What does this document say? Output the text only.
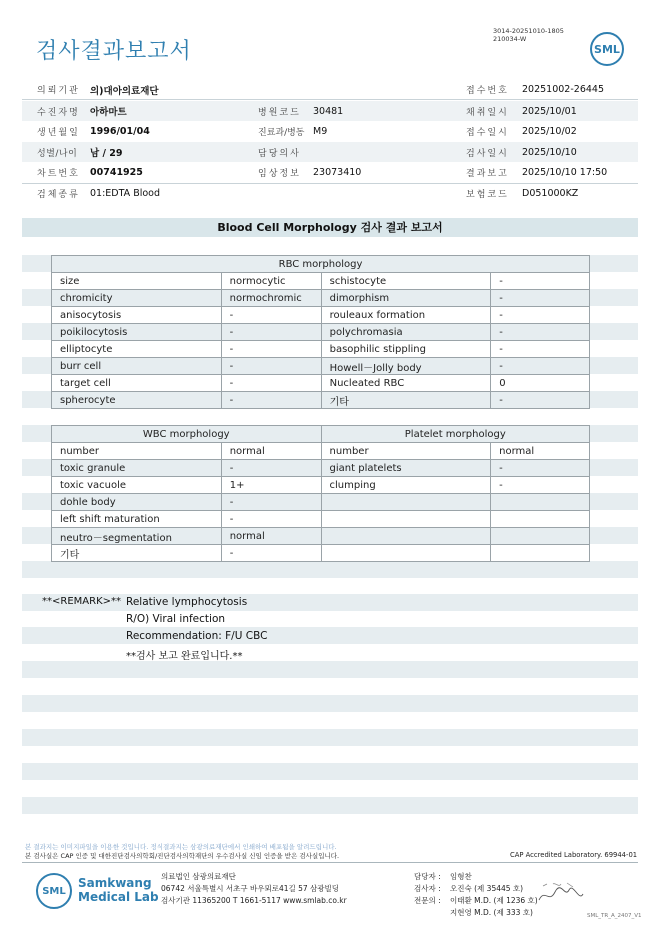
검사결과보고서
3014-20251010-1805
210034-W
SML
의뢰기관 의)대아의료재단	접수번호 20251002-26445
수진자명 아하마트	병원코드 30481	채취일시 2025/10/01
생년월일 1996/01/04	진료과/병동 M9	접수일시 2025/10/02
성별/나이 남 / 29	담당의사	검사일시 2025/10/10
차트번호 00741925	임상정보 23073410	결과보고 2025/10/10 17:50
검체종류 01:EDTA Blood	보험코드 D051000KZ
Blood Cell Morphology 검사 결과 보고서
RBC morphology			
size	normocytic	schistocyte	-
chromicity	normochromic	dimorphism	-
anisocytosis	-	rouleaux formation	-
poikilocytosis	-	polychromasia	-
elliptocyte	-	basophilic stippling	-
burr cell	-	Howell－Jolly body	-
target cell	-	Nucleated RBC	0
spherocyte	-	기타	-
WBC morphology		Platelet morphology	
number	normal	number	normal
toxic granule	-	giant platelets	-
toxic vacuole	1+	clumping	-
dohle body	-		
left shift maturation	-		
neutro－segmentation	normal		
기타	-		
**<REMARK>** Relative lymphocytosis
R/O) Viral infection
Recommendation: F/U CBC
**검사 보고 완료입니다.**
본 결과지는 이미지파일을 이용한 것입니다. 정식결과지는 삼광의료재단에서 인쇄하여 배포됨을 알려드립니다.
본 검사실은 CAP 인증 및 대한진단검사의학회/진단검사의학재단의 우수검사실 신임 인증을 받은 검사실입니다.	CAP Accredited Laboratory. 69944-01
SML
Samkwang
Medical Lab
의료법인 삼광의료재단
06742 서울특별시 서초구 바우뫼로41길 57 삼광빌딩
검사기관 11365200 T 1661-5117 www.smlab.co.kr
담당자 : 임형찬
검사자 : 오진숙 (제 35445 호)
전문의 : 이태환 M.D. (제 1236 호)
지현영 M.D. (제 333 호)	SML_TR_A_2407_V1
